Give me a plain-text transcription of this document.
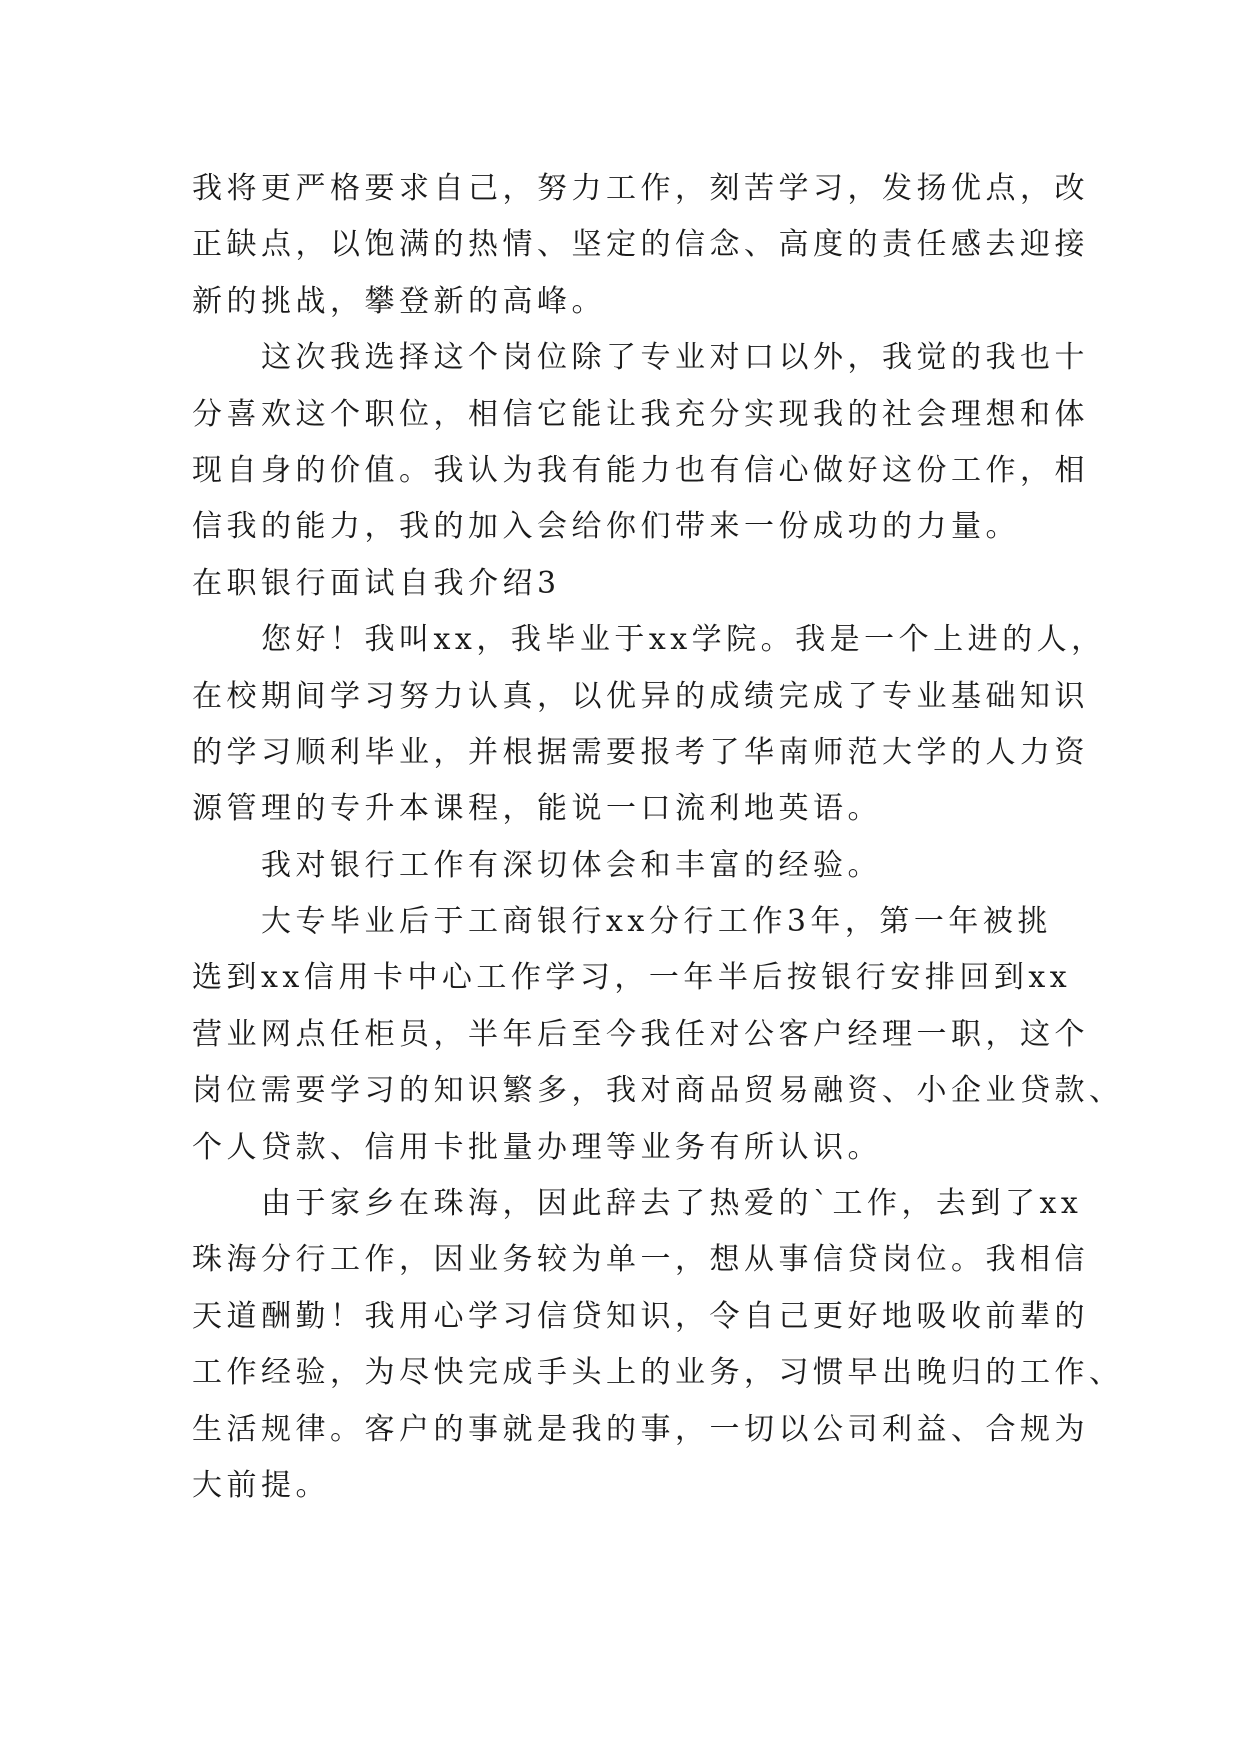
我将更严格要求自己，努力工作，刻苦学习，发扬优点，改
正缺点，以饱满的热情、坚定的信念、高度的责任感去迎接
新的挑战，攀登新的高峰。
　　这次我选择这个岗位除了专业对口以外，我觉的我也十
分喜欢这个职位，相信它能让我充分实现我的社会理想和体
现自身的价值。我认为我有能力也有信心做好这份工作，相
信我的能力，我的加入会给你们带来一份成功的力量。
在职银行面试自我介绍3
　　您好！我叫xx，我毕业于xx学院。我是一个上进的人，
在校期间学习努力认真，以优异的成绩完成了专业基础知识
的学习顺利毕业，并根据需要报考了华南师范大学的人力资
源管理的专升本课程，能说一口流利地英语。
　　我对银行工作有深切体会和丰富的经验。
　　大专毕业后于工商银行xx分行工作3年，第一年被挑
选到xx信用卡中心工作学习，一年半后按银行安排回到xx
营业网点任柜员，半年后至今我任对公客户经理一职，这个
岗位需要学习的知识繁多，我对商品贸易融资、小企业贷款、
个人贷款、信用卡批量办理等业务有所认识。
　　由于家乡在珠海，因此辞去了热爱的`工作，去到了xx
珠海分行工作，因业务较为单一，想从事信贷岗位。我相信
天道酬勤！我用心学习信贷知识，令自己更好地吸收前辈的
工作经验，为尽快完成手头上的业务，习惯早出晚归的工作、
生活规律。客户的事就是我的事，一切以公司利益、合规为
大前提。
